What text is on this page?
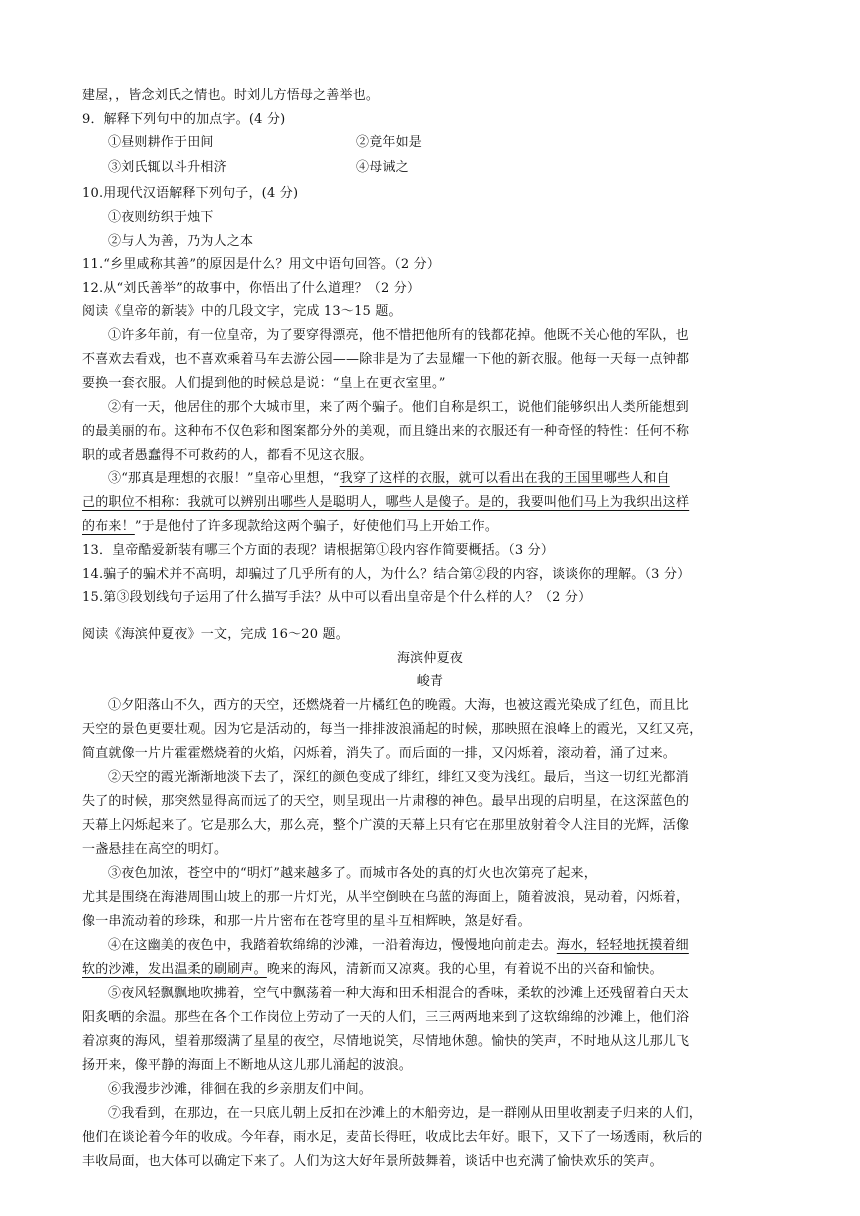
建屋，，皆念刘氏之情也。时刘儿方悟母之善举也。
9．解释下列句中的加点字。(4 分)
①昼则耕作于田间	②竟年如是
③刘氏辄以斗升相济	④母诫之
10.用现代汉语解释下列句子，(4 分)
①夜则纺织于烛下
②与人为善，乃为人之本
11.“乡里咸称其善”的原因是什么？用文中语句回答。（2 分）
12.从“刘氏善举”的故事中，你悟出了什么道理？（2 分）
阅读《皇帝的新装》中的几段文字，完成 13～15 题。
①许多年前，有一位皇帝，为了要穿得漂亮，他不惜把他所有的钱都花掉。他既不关心他的军队，也
不喜欢去看戏，也不喜欢乘着马车去游公园——除非是为了去显耀一下他的新衣服。他每一天每一点钟都
要换一套衣服。人们提到他的时候总是说：“皇上在更衣室里。”
②有一天，他居住的那个大城市里，来了两个骗子。他们自称是织工，说他们能够织出人类所能想到
的最美丽的布。这种布不仅色彩和图案都分外的美观，而且缝出来的衣服还有一种奇怪的特性：任何不称
职的或者愚蠢得不可救药的人，都看不见这衣服。
③“那真是理想的衣服！”皇帝心里想，“我穿了这样的衣服，就可以看出在我的王国里哪些人和自
己的职位不相称：我就可以辨别出哪些人是聪明人，哪些人是傻子。是的，我要叫他们马上为我织出这样
的布来！”于是他付了许多现款给这两个骗子，好使他们马上开始工作。
13．皇帝酷爱新装有哪三个方面的表现？请根据第①段内容作简要概括。（3 分）
14.骗子的骗术并不高明，却骗过了几乎所有的人，为什么？结合第②段的内容，谈谈你的理解。（3 分）
15.第③段划线句子运用了什么描写手法？从中可以看出皇帝是个什么样的人？（2 分）
阅读《海滨仲夏夜》一文，完成 16～20 题。
海滨仲夏夜
峻青
①夕阳落山不久，西方的天空，还燃烧着一片橘红色的晚霞。大海，也被这霞光染成了红色，而且比
天空的景色更要壮观。因为它是活动的，每当一排排波浪涌起的时候，那映照在浪峰上的霞光，又红又亮，
简直就像一片片霍霍燃烧着的火焰，闪烁着，消失了。而后面的一排，又闪烁着，滚动着，涌了过来。
②天空的霞光渐渐地淡下去了，深红的颜色变成了绯红，绯红又变为浅红。最后，当这一切红光都消
失了的时候，那突然显得高而远了的天空，则呈现出一片肃穆的神色。最早出现的启明星，在这深蓝色的
天幕上闪烁起来了。它是那么大，那么亮，整个广漠的天幕上只有它在那里放射着令人注目的光辉，活像
一盏悬挂在高空的明灯。
③夜色加浓，苍空中的“明灯”越来越多了。而城市各处的真的灯火也次第亮了起来，
尤其是围绕在海港周围山坡上的那一片灯光，从半空倒映在乌蓝的海面上，随着波浪，晃动着，闪烁着，
像一串流动着的珍珠，和那一片片密布在苍穹里的星斗互相辉映，煞是好看。
④在这幽美的夜色中，我踏着软绵绵的沙滩，一沿着海边，慢慢地向前走去。海水，轻轻地抚摸着细
软的沙滩，发出温柔的刷刷声。晚来的海风，清新而又凉爽。我的心里，有着说不出的兴奋和愉快。
⑤夜风轻飘飘地吹拂着，空气中飘荡着一种大海和田禾相混合的香味，柔软的沙滩上还残留着白天太
阳炙晒的余温。那些在各个工作岗位上劳动了一天的人们，三三两两地来到了这软绵绵的沙滩上，他们浴
着凉爽的海风，望着那缀满了星星的夜空，尽情地说笑，尽情地休憩。愉快的笑声，不时地从这儿那儿飞
扬开来，像平静的海面上不断地从这儿那儿涌起的波浪。
⑥我漫步沙滩，徘徊在我的乡亲朋友们中间。
⑦我看到，在那边，在一只底儿朝上反扣在沙滩上的木船旁边，是一群刚从田里收割麦子归来的人们，
他们在谈论着今年的收成。今年春，雨水足，麦苗长得旺，收成比去年好。眼下，又下了一场透雨，秋后的
丰收局面，也大体可以确定下来了。人们为这大好年景所鼓舞着，谈话中也充满了愉快欢乐的笑声。
